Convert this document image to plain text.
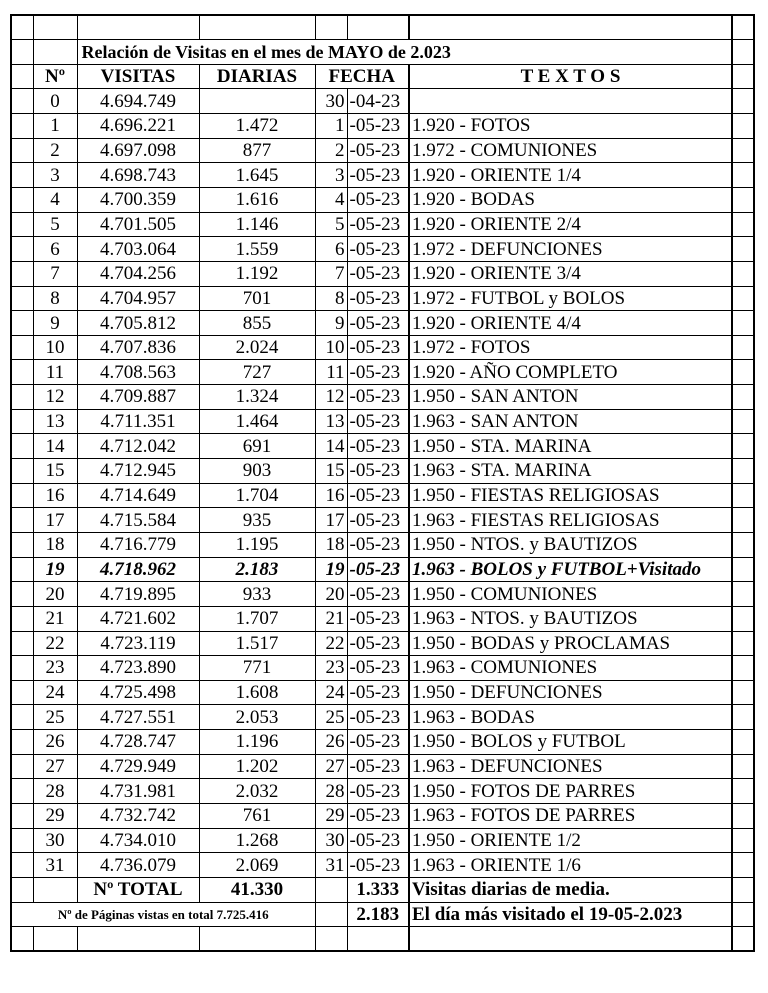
		Relación de Visitas en el mes de MAYO de 2.023					
	Nº	VISITAS	DIARIAS	FECHA		T E X T O S	
	0	4.694.749		30	-04-23		
	1	4.696.221	1.472	1	-05-23	1.920 - FOTOS	
	2	4.697.098	877	2	-05-23	1.972 - COMUNIONES	
	3	4.698.743	1.645	3	-05-23	1.920 - ORIENTE 1/4	
	4	4.700.359	1.616	4	-05-23	1.920 - BODAS	
	5	4.701.505	1.146	5	-05-23	1.920 - ORIENTE 2/4	
	6	4.703.064	1.559	6	-05-23	1.972 - DEFUNCIONES	
	7	4.704.256	1.192	7	-05-23	1.920 - ORIENTE 3/4	
	8	4.704.957	701	8	-05-23	1.972 - FUTBOL y BOLOS	
	9	4.705.812	855	9	-05-23	1.920 - ORIENTE 4/4	
	10	4.707.836	2.024	10	-05-23	1.972 - FOTOS	
	11	4.708.563	727	11	-05-23	1.920 - AÑO COMPLETO	
	12	4.709.887	1.324	12	-05-23	1.950 - SAN ANTON	
	13	4.711.351	1.464	13	-05-23	1.963 - SAN ANTON	
	14	4.712.042	691	14	-05-23	1.950 - STA. MARINA	
	15	4.712.945	903	15	-05-23	1.963 - STA. MARINA	
	16	4.714.649	1.704	16	-05-23	1.950 - FIESTAS RELIGIOSAS	
	17	4.715.584	935	17	-05-23	1.963 - FIESTAS RELIGIOSAS	
	18	4.716.779	1.195	18	-05-23	1.950 - NTOS. y BAUTIZOS	
	19	4.718.962	2.183	19	-05-23	1.963 - BOLOS y FUTBOL+Visitado	
	20	4.719.895	933	20	-05-23	1.950 - COMUNIONES	
	21	4.721.602	1.707	21	-05-23	1.963 - NTOS. y BAUTIZOS	
	22	4.723.119	1.517	22	-05-23	1.950 - BODAS y PROCLAMAS	
	23	4.723.890	771	23	-05-23	1.963 - COMUNIONES	
	24	4.725.498	1.608	24	-05-23	1.950 - DEFUNCIONES	
	25	4.727.551	2.053	25	-05-23	1.963 - BODAS	
	26	4.728.747	1.196	26	-05-23	1.950 - BOLOS y FUTBOL	
	27	4.729.949	1.202	27	-05-23	1.963 - DEFUNCIONES	
	28	4.731.981	2.032	28	-05-23	1.950 - FOTOS DE PARRES	
	29	4.732.742	761	29	-05-23	1.963 - FOTOS DE PARRES	
	30	4.734.010	1.268	30	-05-23	1.950 - ORIENTE 1/2	
	31	4.736.079	2.069	31	-05-23	1.963 - ORIENTE 1/6	
		Nº TOTAL	41.330		1.333	Visitas diarias de media.	
Nº de Páginas vistas en total 7.725.416					2.183	El día más visitado el 19-05-2.023	
